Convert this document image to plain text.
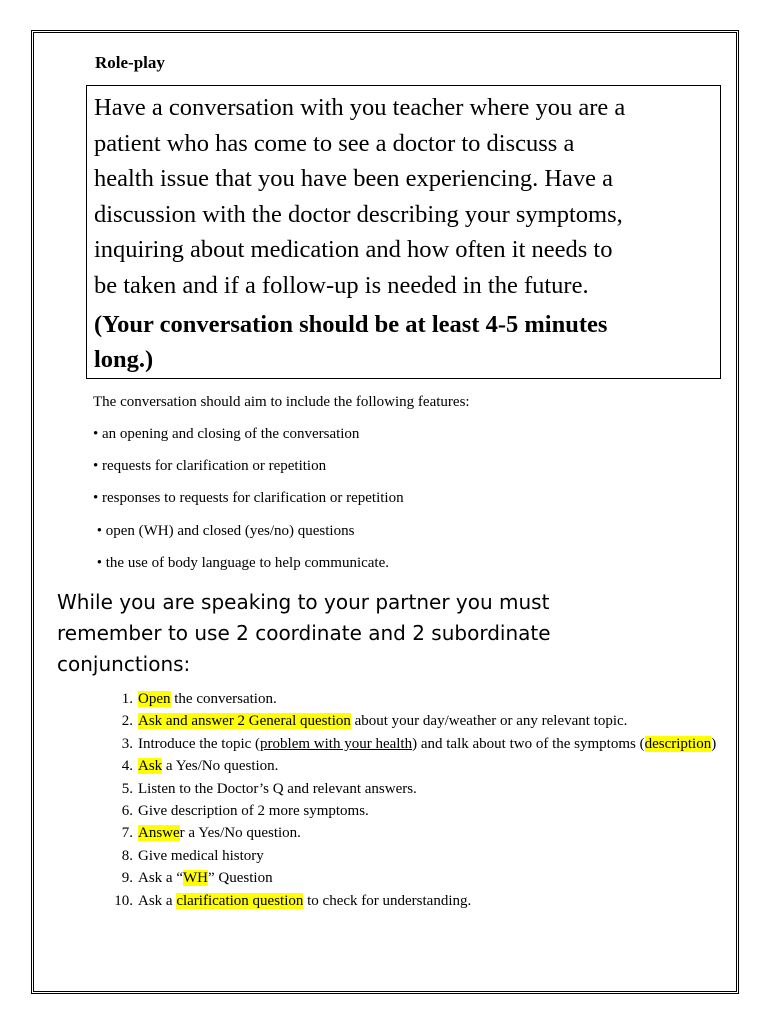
Role-play

Have a conversation with you teacher where you are a
patient who has come to see a doctor to discuss a
health issue that you have been experiencing. Have a
discussion with the doctor describing your symptoms,
inquiring about medication and how often it needs to
be taken and if a follow-up is needed in the future.

(Your conversation should be at least 4-5 minutes
long.)

The conversation should aim to include the following features:
• an opening and closing of the conversation
• requests for clarification or repetition
• responses to requests for clarification or repetition
• open (WH) and closed (yes/no) questions
• the use of body language to help communicate.
While you are speaking to your partner you must
remember to use 2 coordinate and 2 subordinate
conjunctions:
1. Open the conversation.
2. Ask and answer 2 General question about your day/weather or any relevant topic.
3. Introduce the topic (problem with your health) and talk about two of the symptoms (description)
4. Ask a Yes/No question.
5. Listen to the Doctor’s Q and relevant answers.
6. Give description of 2 more symptoms.
7. Answer a Yes/No question.
8. Give medical history
9. Ask a “WH” Question
10. Ask a clarification question to check for understanding.
